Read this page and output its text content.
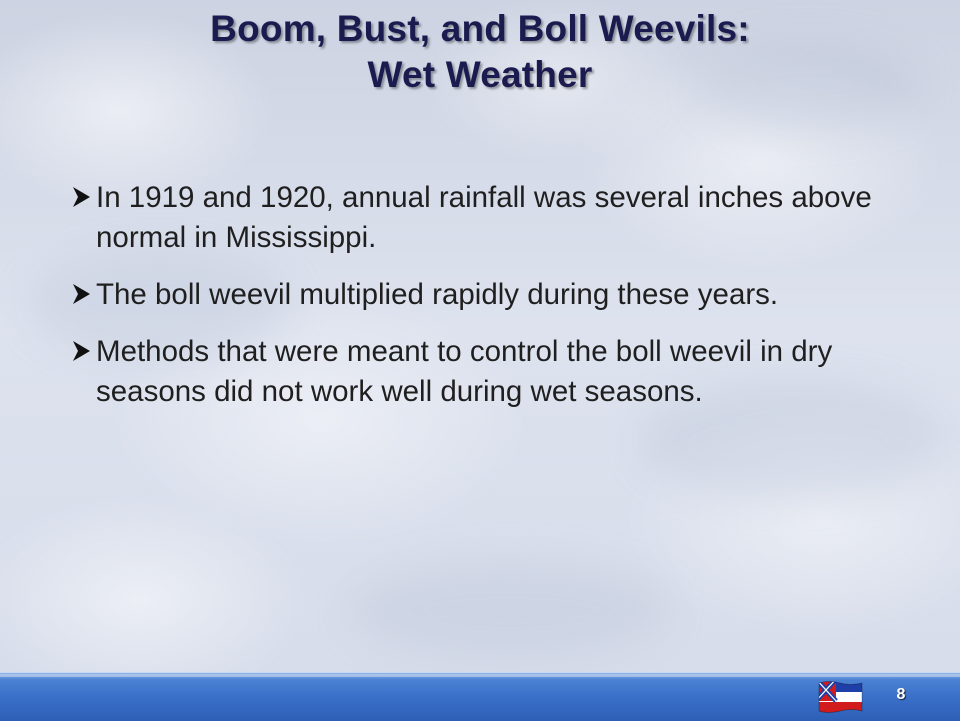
Boom, Bust, and Boll Weevils:
Wet Weather
In 1919 and 1920, annual rainfall was several inches above normal in Mississippi.
The boll weevil multiplied rapidly during these years.
Methods that were meant to control the boll weevil in dry seasons did not work well during wet seasons.
8
